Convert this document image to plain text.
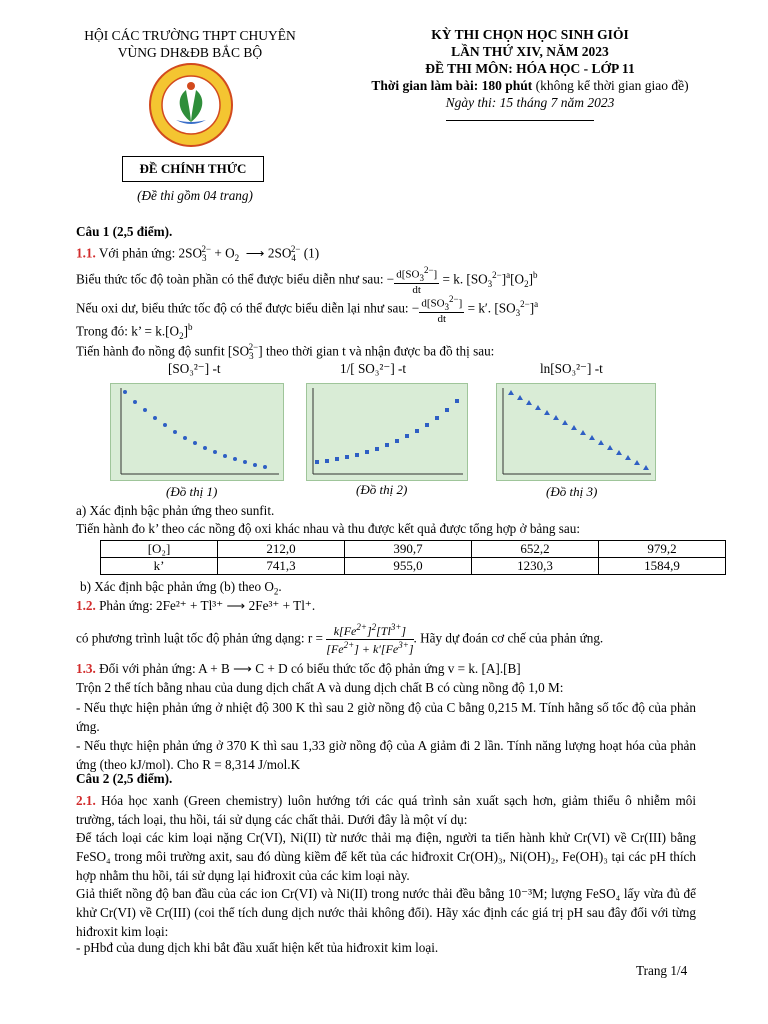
HỘI CÁC TRƯỜNG THPT CHUYÊN
VÙNG DH&ĐB BẮC BỘ
KỲ THI CHỌN HỌC SINH GIỎI
LẦN THỨ XIV, NĂM 2023
ĐỀ THI MÔN: HÓA HỌC - LỚP 11
Thời gian làm bài: 180 phút (không kể thời gian giao đề)
Ngày thi: 15 tháng 7 năm 2023
ĐỀ CHÍNH THỨC
(Đề thi gồm 04 trang)
Câu 1 (2,5 điểm).
1.1. Với phản ứng: $2SO_3^{2-} + O_2$  ⟶ $2SO_4^{2-}$ (1)
Biểu thức tốc độ toàn phần có thể được biểu diễn như sau: − $\frac{d[SO_3^{2-}]}{dt} = k$. $[SO_3^{2-}]^a[O_2]^b$
Nếu oxi dư, biểu thức tốc độ có thể được biểu diễn lại như sau: − $\frac{d[SO_3^{2-}]}{dt} = k'$. $[SO_3^{2-}]^a$
Trong đó: k’ = $k.[O_2]^b$
Tiến hành đo nồng độ sunfit $[SO_3^{2-}]$ theo thời gian t và nhận được ba đồ thị sau:
[SO₃²⁻] -t	1/[ SO₃²⁻] -t	ln[SO₃²⁻] -t
(Đồ thị 1)	(Đồ thị 2)	(Đồ thị 3)
a) Xác định bậc phản ứng theo sunfit.
Tiến hành đo k’ theo các nồng độ oxi khác nhau và thu được kết quả được tổng hợp ở bảng sau:
[O₂]	212,0	390,7	652,2	979,2
k’	741,3	955,0	1230,3	1584,9
b) Xác định bậc phản ứng (b) theo $O_2$.
1.2. Phản ứng: 2Fe²⁺ + Tl³⁺ ⟶ 2Fe³⁺ + Tl⁺.
có phương trình luật tốc độ phản ứng dạng: $r = \frac{k[Fe^{2+}]^2[Tl^{3+}]}{[Fe^{2+}] + k'[Fe^{3+}]}$ . Hãy dự đoán cơ chế của phản ứng.
1.3. Đối với phản ứng: A + B ⟶ C + D có biểu thức tốc độ phản ứng v = k. [A].[B]
Trộn 2 thể tích bằng nhau của dung dịch chất A và dung dịch chất B có cùng nồng độ 1,0 M:
- Nếu thực hiện phản ứng ở nhiệt độ 300 K thì sau 2 giờ nồng độ của C bằng 0,215 M. Tính hằng số tốc độ của phản ứng.
- Nếu thực hiện phản ứng ở 370 K thì sau 1,33 giờ nồng độ của A giảm đi 2 lần. Tính năng lượng hoạt hóa của phản ứng (theo kJ/mol). Cho R = 8,314 J/mol.K
Câu 2 (2,5 điểm).
2.1. Hóa học xanh (Green chemistry) luôn hướng tới các quá trình sản xuất sạch hơn, giảm thiểu ô nhiễm môi trường, tách loại, thu hồi, tái sử dụng các chất thải. Dưới đây là một ví dụ:
Để tách loại các kim loại nặng Cr(VI), Ni(II) từ nước thải mạ điện, người ta tiến hành khử Cr(VI) về Cr(III) bằng FeSO₄ trong môi trường axit, sau đó dùng kiềm để kết tủa các hiđroxit Cr(OH)₃, Ni(OH)₂, Fe(OH)₃ tại các pH thích hợp nhằm thu hồi, tái sử dụng lại hiđroxit của các kim loại này.
Giả thiết nồng độ ban đầu của các ion Cr(VI) và Ni(II) trong nước thải đều bằng 10⁻³M; lượng FeSO₄ lấy vừa đủ để khử Cr(VI) về Cr(III) (coi thể tích dung dịch nước thải không đổi). Hãy xác định các giá trị pH sau đây đối với từng hiđroxit kim loại:
- pHbđ của dung dịch khi bắt đầu xuất hiện kết tủa hiđroxit kim loại.
Trang 1/4
